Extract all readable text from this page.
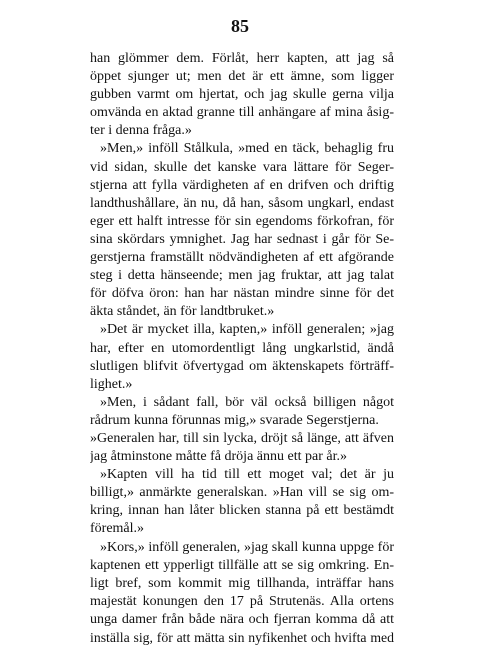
85
han glömmer dem. Förlåt, herr kapten, att jag så
öppet sjunger ut; men det är ett ämne, som ligger
gubben varmt om hjertat, och jag skulle gerna vilja
omvända en aktad granne till anhängare af mina åsig-
ter i denna fråga.»
»Men,» inföll Stålkula, »med en täck, behaglig fru
vid sidan, skulle det kanske vara lättare för Seger-
stjerna att fylla värdigheten af en drifven och driftig
landthushållare, än nu, då han, såsom ungkarl, endast
eger ett halft intresse för sin egendoms förkofran, för
sina skördars ymnighet. Jag har sednast i går för Se-
gerstjerna framställt nödvändigheten af ett afgörande
steg i detta hänseende; men jag fruktar, att jag talat
för döfva öron: han har nästan mindre sinne för det
äkta ståndet, än för landtbruket.»
»Det är mycket illa, kapten,» inföll generalen; »jag
har, efter en utomordentligt lång ungkarlstid, ändå
slutligen blifvit öfvertygad om äktenskapets förträff-
lighet.»
»Men, i sådant fall, bör väl också billigen något
rådrum kunna förunnas mig,» svarade Segerstjerna.
»Generalen har, till sin lycka, dröjt så länge, att äfven
jag åtminstone måtte få dröja ännu ett par år.»
»Kapten vill ha tid till ett moget val; det är ju
billigt,» anmärkte generalskan. »Han vill se sig om-
kring, innan han låter blicken stanna på ett bestämdt
föremål.»
»Kors,» inföll generalen, »jag skall kunna uppge för
kaptenen ett ypperligt tillfälle att se sig omkring. En-
ligt bref, som kommit mig tillhanda, inträffar hans
majestät konungen den 17 på Strutenäs. Alla ortens
unga damer från både nära och fjerran komma då att
inställa sig, för att mätta sin nyfikenhet och hvifta med
